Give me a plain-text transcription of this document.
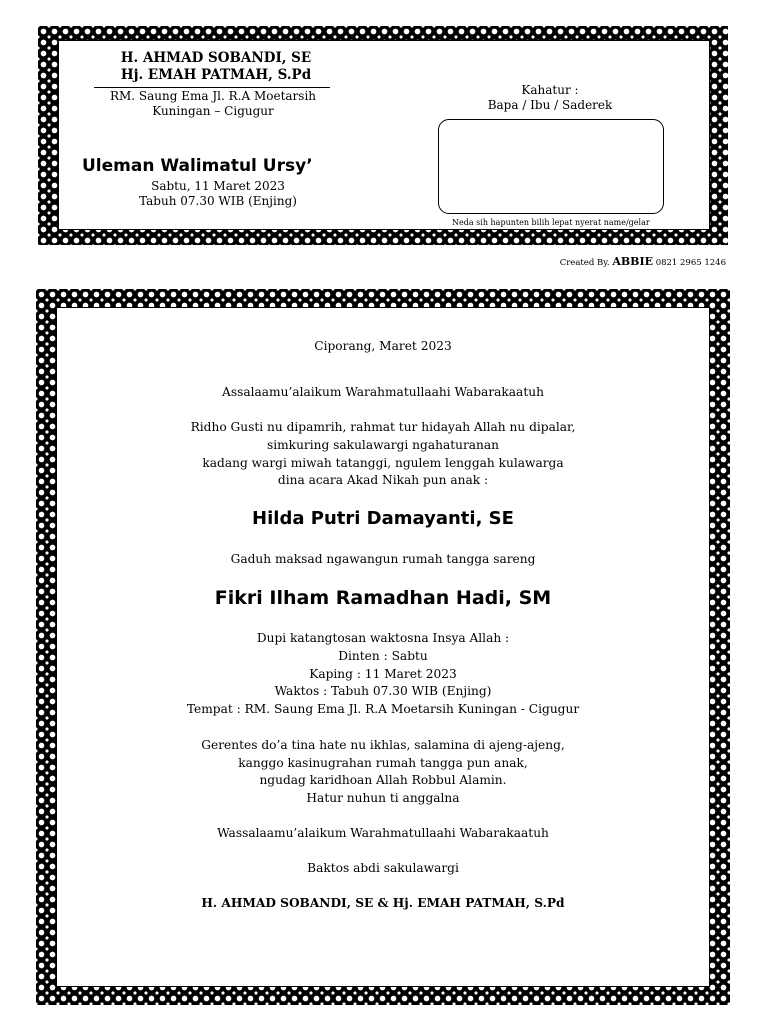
H. AHMAD SOBANDI, SE
Hj. EMAH PATMAH, S.Pd
RM. Saung Ema Jl. R.A Moetarsih
Kuningan – Cigugur
Uleman Walimatul Ursy’
Sabtu, 11 Maret 2023
Tabuh 07.30 WIB (Enjing)
Kahatur :
Bapa / Ibu / Saderek
Neda sih hapunten bilih lepat nyerat name/gelar
Created By. ABBIE 0821 2965 1246
Ciporang, Maret 2023
Assalaamu’alaikum Warahmatullaahi Wabarakaatuh
Ridho Gusti nu dipamrih, rahmat tur hidayah Allah nu dipalar,
simkuring sakulawargi ngahaturanan
kadang wargi miwah tatanggi, ngulem lenggah kulawarga
dina acara Akad Nikah pun anak :
Hilda Putri Damayanti, SE
Gaduh maksad ngawangun rumah tangga sareng
Fikri Ilham Ramadhan Hadi, SM
Dupi katangtosan waktosna Insya Allah :
Dinten : Sabtu
Kaping : 11 Maret 2023
Waktos : Tabuh 07.30 WIB (Enjing)
Tempat : RM. Saung Ema Jl. R.A Moetarsih Kuningan - Cigugur
Gerentes do’a tina hate nu ikhlas, salamina di ajeng-ajeng,
kanggo kasinugrahan rumah tangga pun anak,
ngudag karidhoan Allah Robbul Alamin.
Hatur nuhun ti anggalna
Wassalaamu’alaikum Warahmatullaahi Wabarakaatuh
Baktos abdi sakulawargi
H. AHMAD SOBANDI, SE & Hj. EMAH PATMAH, S.Pd
